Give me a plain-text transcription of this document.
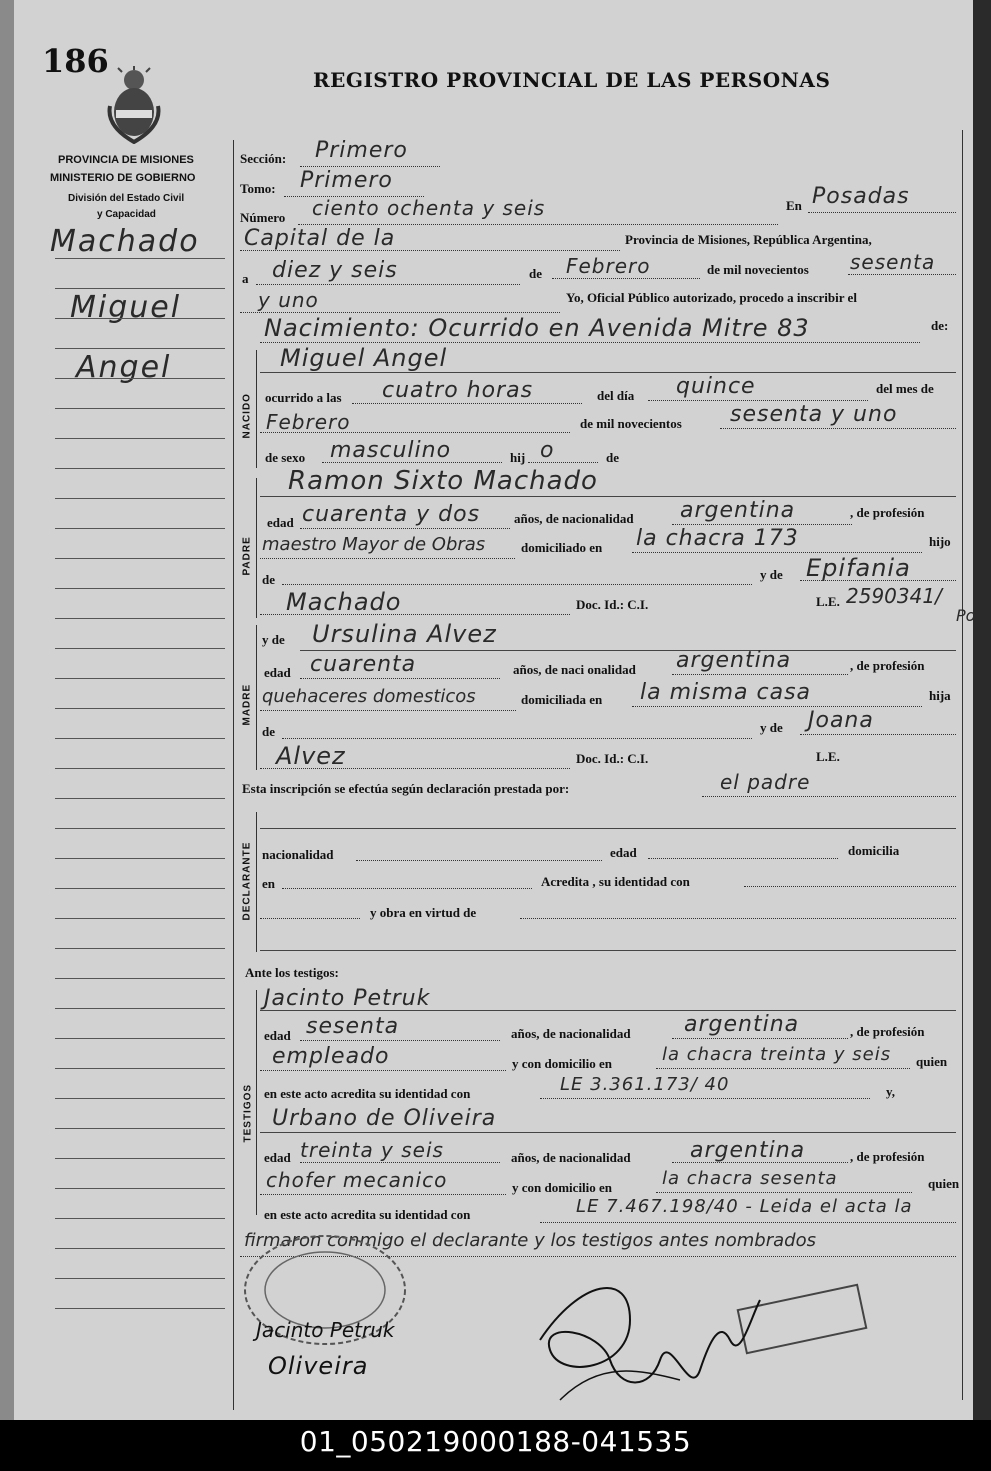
186	REGISTRO PROVINCIAL DE LAS PERSONAS
PROVINCIA DE MISIONES
MINISTERIO DE GOBIERNO
División del Estado Civil
y Capacidad
Machado
Miguel
Angel
Sección: Primero
Tomo: Primero
Número ciento ochenta y seis	En Posadas
Capital de la	Provincia de Misiones, República Argentina,
a diez y seis	de Febrero	de mil novecientos sesenta
y uno	Yo, Oficial Público autorizado, procedo a inscribir el
Nacimiento: Ocurrido en Avenida Mitre 83	de:
NACIDO
Miguel Angel
ocurrido a las cuatro horas	del día quince	del mes de
Febrero	de mil novecientos sesenta y uno
de sexo masculino	hij o	de
PADRE
Ramon Sixto Machado
edad cuarenta y dos	años, de nacionalidad argentina	, de profesión
maestro Mayor de Obras	domiciliado en la chacra 173	hijo
de	y de Epifania
Machado	Doc. Id.: C.I.	L.E. 2590341/
Po
MADRE
y de Ursulina Alvez
edad cuarenta	años, de naci onalidad argentina	, de profesión
quehaceres domesticos	domiciliada en la misma casa	hija
de	y de Joana
Alvez	Doc. Id.: C.I.	L.E.
Esta inscripción se efectúa según declaración prestada por:	el padre
DECLARANTE nacionalidad	edad	domicilia
en	Acredita , su identidad con
y obra en virtud de
Ante los testigos:
TESTIGOS
Jacinto Petruk
edad sesenta	años, de nacionalidad argentina	, de profesión
empleado	y con domicilio en	la chacra treinta y seis quien
en este acto acredita su identidad con	LE 3.361.173/ 40	y,
Urbano de Oliveira
edad treinta y seis	años, de nacionalidad	argentina	, de profesión
chofer mecanico	y con domicilio en	la chacra sesenta	quien
en este acto acredita su identidad con	LE 7.467.198/40 - Leida el acta la
firmaron conmigo el declarante y los testigos antes nombrados
Jacinto Petruk
Oliveira
01_050219000188-041535
